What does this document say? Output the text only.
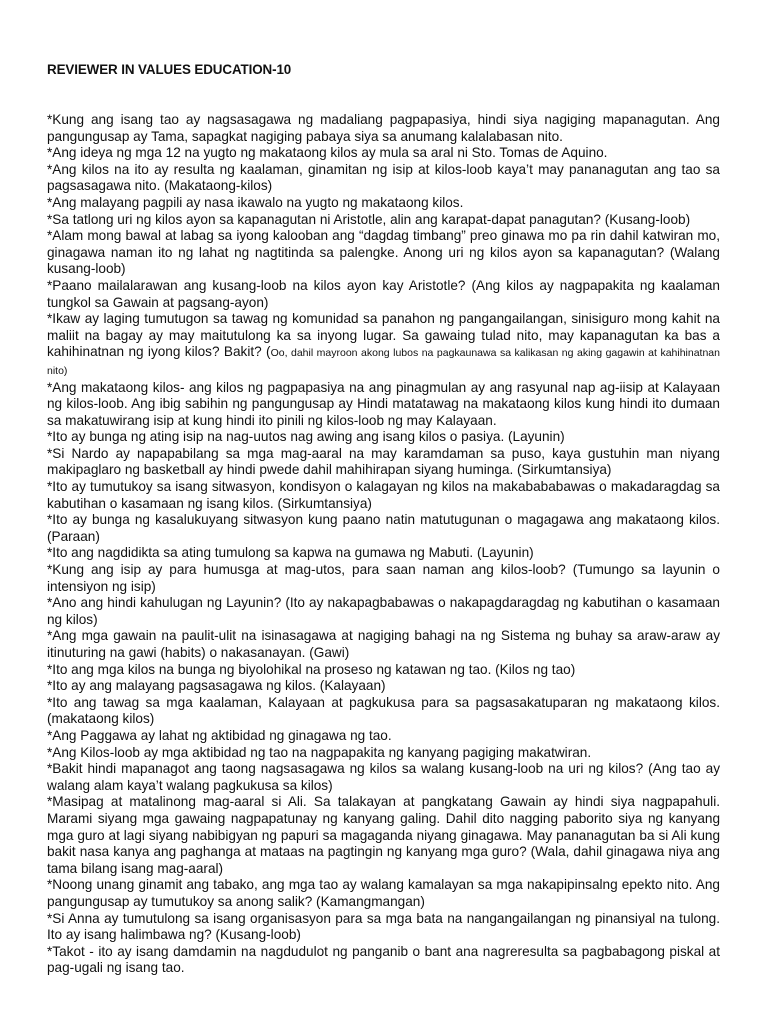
REVIEWER IN VALUES EDUCATION-10

*Kung ang isang tao ay nagsasagawa ng madaliang pagpapasiya, hindi siya nagiging mapanagutan. Ang pangungusap ay Tama, sapagkat nagiging pabaya siya sa anumang kalalabasan nito.

*Ang ideya ng mga 12 na yugto ng makataong kilos ay mula sa aral ni Sto. Tomas de Aquino.

*Ang kilos na ito ay resulta ng kaalaman, ginamitan ng isip at kilos-loob kaya’t may pananagutan ang tao sa pagsasagawa nito. (Makataong-kilos)

*Ang malayang pagpili ay nasa ikawalo na yugto ng makataong kilos.

*Sa tatlong uri ng kilos ayon sa kapanagutan ni Aristotle, alin ang karapat-dapat panagutan? (Kusang-loob)

*Alam mong bawal at labag sa iyong kalooban ang “dagdag timbang” preo ginawa mo pa rin dahil katwiran mo, ginagawa naman ito ng lahat ng nagtitinda sa palengke. Anong uri ng kilos ayon sa kapanagutan? (Walang kusang-loob)

*Paano mailalarawan ang kusang-loob na kilos ayon kay Aristotle? (Ang kilos ay nagpapakita ng kaalaman tungkol sa Gawain at pagsang-ayon)

*Ikaw ay laging tumutugon sa tawag ng komunidad sa panahon ng pangangailangan, sinisiguro mong kahit na maliit na bagay ay may maitutulong ka sa inyong lugar. Sa gawaing tulad nito, may kapanagutan ka bas a kahihinatnan ng iyong kilos? Bakit? (Oo, dahil mayroon akong lubos na pagkaunawa sa kalikasan ng aking gagawin at kahihinatnan nito)

*Ang makataong kilos- ang kilos ng pagpapasiya na ang pinagmulan ay ang rasyunal nap ag-iisip at Kalayaan ng kilos-loob. Ang ibig sabihin ng pangungusap ay Hindi matatawag na makataong kilos kung hindi ito dumaan sa makatuwirang isip at kung hindi ito pinili ng kilos-loob ng may Kalayaan.

*Ito ay bunga ng ating isip na nag-uutos nag awing ang isang kilos o pasiya. (Layunin)

*Si Nardo ay napapabilang sa mga mag-aaral na may karamdaman sa puso, kaya gustuhin man niyang makipaglaro ng basketball ay hindi pwede dahil mahihirapan siyang huminga. (Sirkumtansiya)

*Ito ay tumutukoy sa isang sitwasyon, kondisyon o kalagayan ng kilos na makabababawas o makadaragdag sa kabutihan o kasamaan ng isang kilos. (Sirkumtansiya)

*Ito ay bunga ng kasalukuyang sitwasyon kung paano natin matutugunan o magagawa ang makataong kilos. (Paraan)

*Ito ang nagdidikta sa ating tumulong sa kapwa na gumawa ng Mabuti. (Layunin)

*Kung ang isip ay para humusga at mag-utos, para saan naman ang kilos-loob? (Tumungo sa layunin o intensiyon ng isip)

*Ano ang hindi kahulugan ng Layunin? (Ito ay nakapagbabawas o nakapagdaragdag ng kabutihan o kasamaan ng kilos)

*Ang mga gawain na paulit-ulit na isinasagawa at nagiging bahagi na ng Sistema ng buhay sa araw-araw ay itinuturing na gawi (habits) o nakasanayan. (Gawi)

*Ito ang mga kilos na bunga ng biyolohikal na proseso ng katawan ng tao. (Kilos ng tao)

*Ito ay ang malayang pagsasagawa ng kilos. (Kalayaan)

*Ito ang tawag sa mga kaalaman, Kalayaan at pagkukusa para sa pagsasakatuparan ng makataong kilos. (makataong kilos)

*Ang Paggawa ay lahat ng aktibidad ng ginagawa ng tao.

*Ang Kilos-loob ay mga aktibidad ng tao na nagpapakita ng kanyang pagiging makatwiran.

*Bakit hindi mapanagot ang taong nagsasagawa ng kilos sa walang kusang-loob na uri ng kilos? (Ang tao ay walang alam kaya’t walang pagkukusa sa kilos)

*Masipag at matalinong mag-aaral si Ali. Sa talakayan at pangkatang Gawain ay hindi siya nagpapahuli. Marami siyang mga gawaing nagpapatunay ng kanyang galing. Dahil dito nagging paborito siya ng kanyang mga guro at lagi siyang nabibigyan ng papuri sa magaganda niyang ginagawa. May pananagutan ba si Ali kung bakit nasa kanya ang paghanga at mataas na pagtingin ng kanyang mga guro? (Wala, dahil ginagawa niya ang tama bilang isang mag-aaral)

*Noong unang ginamit ang tabako, ang mga tao ay walang kamalayan sa mga nakapipinsalng epekto nito. Ang pangungusap ay tumutukoy sa anong salik? (Kamangmangan)

*Si Anna ay tumutulong sa isang organisasyon para sa mga bata na nangangailangan ng pinansiyal na tulong. Ito ay isang halimbawa ng? (Kusang-loob)

*Takot - ito ay isang damdamin na nagdudulot ng panganib o bant ana nagreresulta sa pagbabagong piskal at pag-ugali ng isang tao.
